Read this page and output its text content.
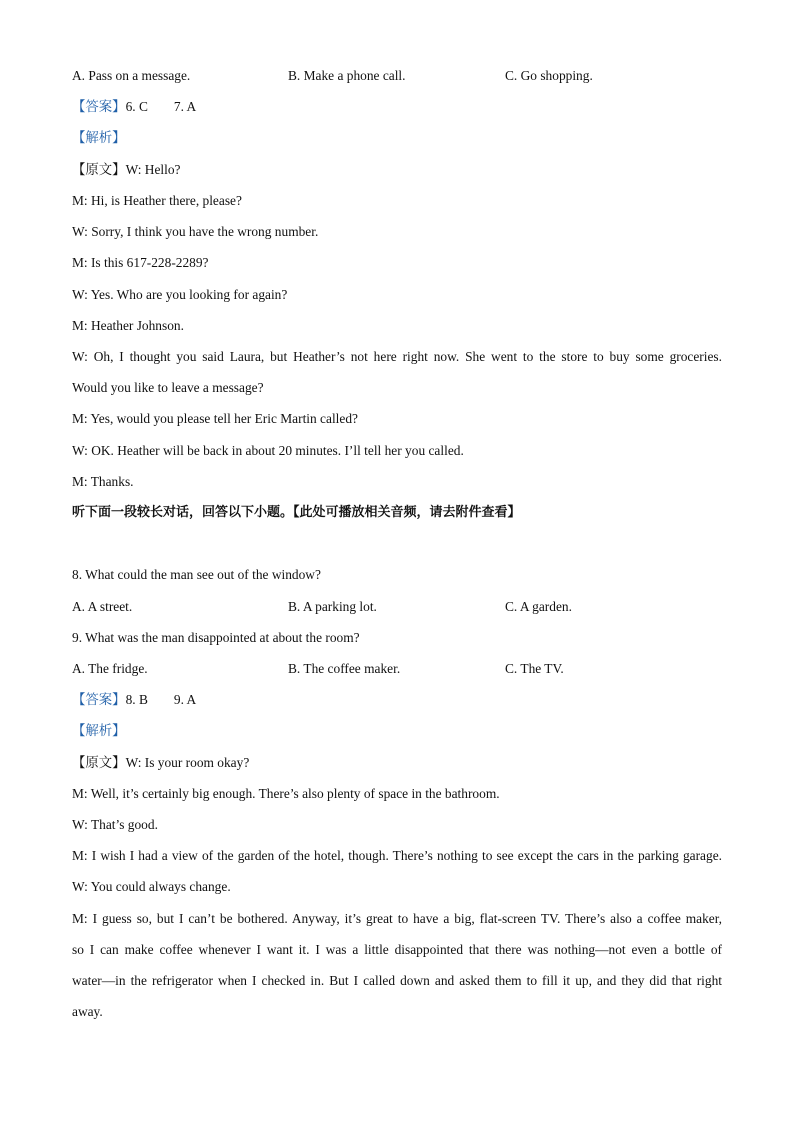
A. Pass on a message.	B. Make a phone call.	C. Go shopping.
【答案】6. C 7. A
【解析】
【原文】W: Hello?
M: Hi, is Heather there, please?
W: Sorry, I think you have the wrong number.
M: Is this 617-228-2289?
W: Yes. Who are you looking for again?
M: Heather Johnson.
W: Oh, I thought you said Laura, but Heather’s not here right now. She went to the store to buy some groceries.
Would you like to leave a message?
M: Yes, would you please tell her Eric Martin called?
W: OK. Heather will be back in about 20 minutes. I’ll tell her you called.
M: Thanks.
听下面一段较长对话，回答以下小题。【此处可播放相关音频，请去附件查看】
8. What could the man see out of the window?
A. A street.	B. A parking lot.	C. A garden.
9. What was the man disappointed at about the room?
A. The fridge.	B. The coffee maker.	C. The TV.
【答案】8. B 9. A
【解析】
【原文】W: Is your room okay?
M: Well, it’s certainly big enough. There’s also plenty of space in the bathroom.
W: That’s good.
M: I wish I had a view of the garden of the hotel, though. There’s nothing to see except the cars in the parking garage.
W: You could always change.
M: I guess so, but I can’t be bothered. Anyway, it’s great to have a big, flat-screen TV. There’s also a coffee maker,
so I can make coffee whenever I want it. I was a little disappointed that there was nothing—not even a bottle of
water—in the refrigerator when I checked in. But I called down and asked them to fill it up, and they did that right
away.
